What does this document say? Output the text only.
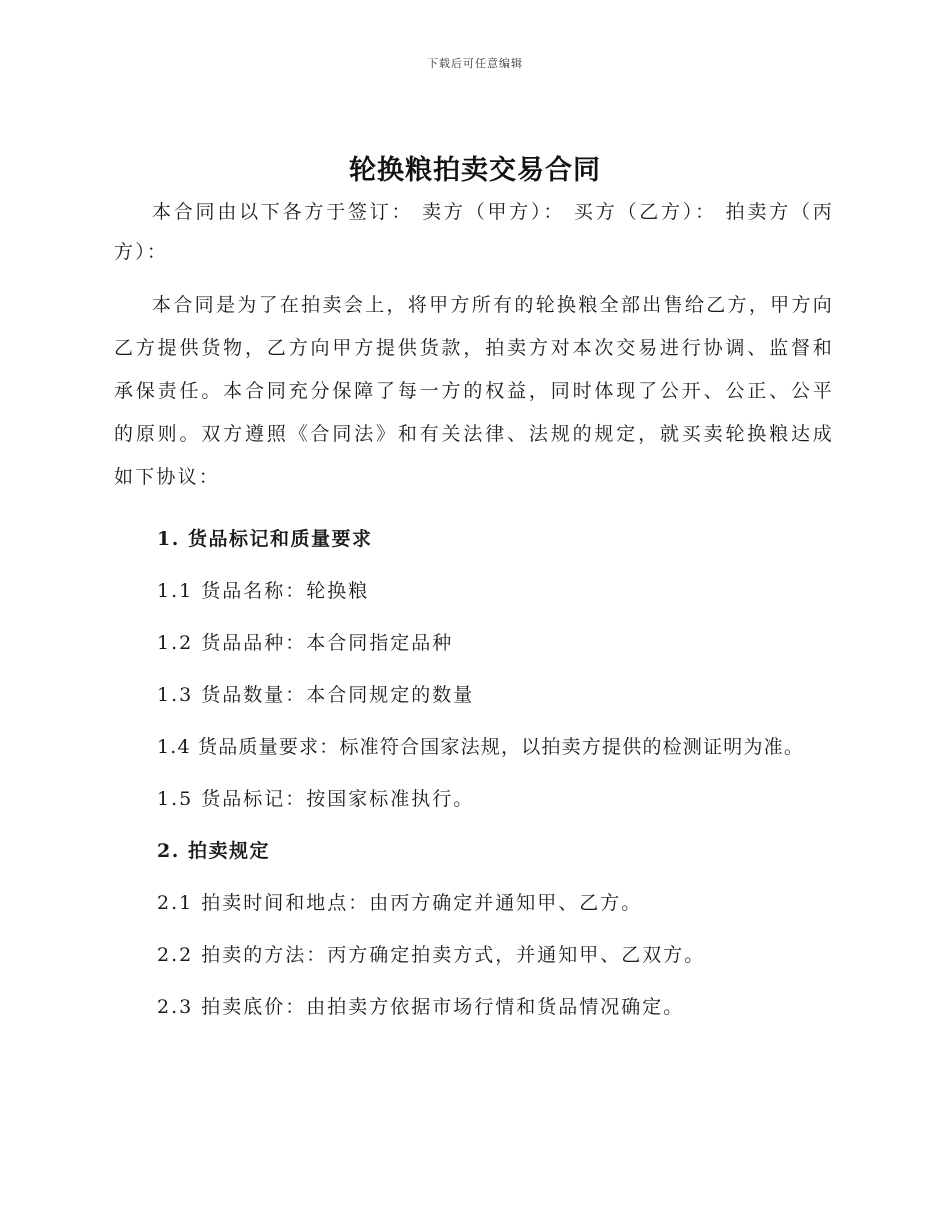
下载后可任意编辑
轮换粮拍卖交易合同

本合同由以下各方于签订： 卖方（甲方）： 买方（乙方）： 拍卖方（丙方）：

本合同是为了在拍卖会上，将甲方所有的轮换粮全部出售给乙方，甲方向乙方提供货物，乙方向甲方提供货款，拍卖方对本次交易进行协调、监督和承保责任。本合同充分保障了每一方的权益，同时体现了公开、公正、公平的原则。双方遵照《合同法》和有关法律、法规的规定，就买卖轮换粮达成如下协议：

1. 货品标记和质量要求

1.1 货品名称：轮换粮

1.2 货品品种：本合同指定品种

1.3 货品数量：本合同规定的数量

1.4 货品质量要求：标准符合国家法规，以拍卖方提供的检测证明为准。

1.5 货品标记：按国家标准执行。

2. 拍卖规定

2.1 拍卖时间和地点：由丙方确定并通知甲、乙方。

2.2 拍卖的方法：丙方确定拍卖方式，并通知甲、乙双方。

2.3 拍卖底价：由拍卖方依据市场行情和货品情况确定。
